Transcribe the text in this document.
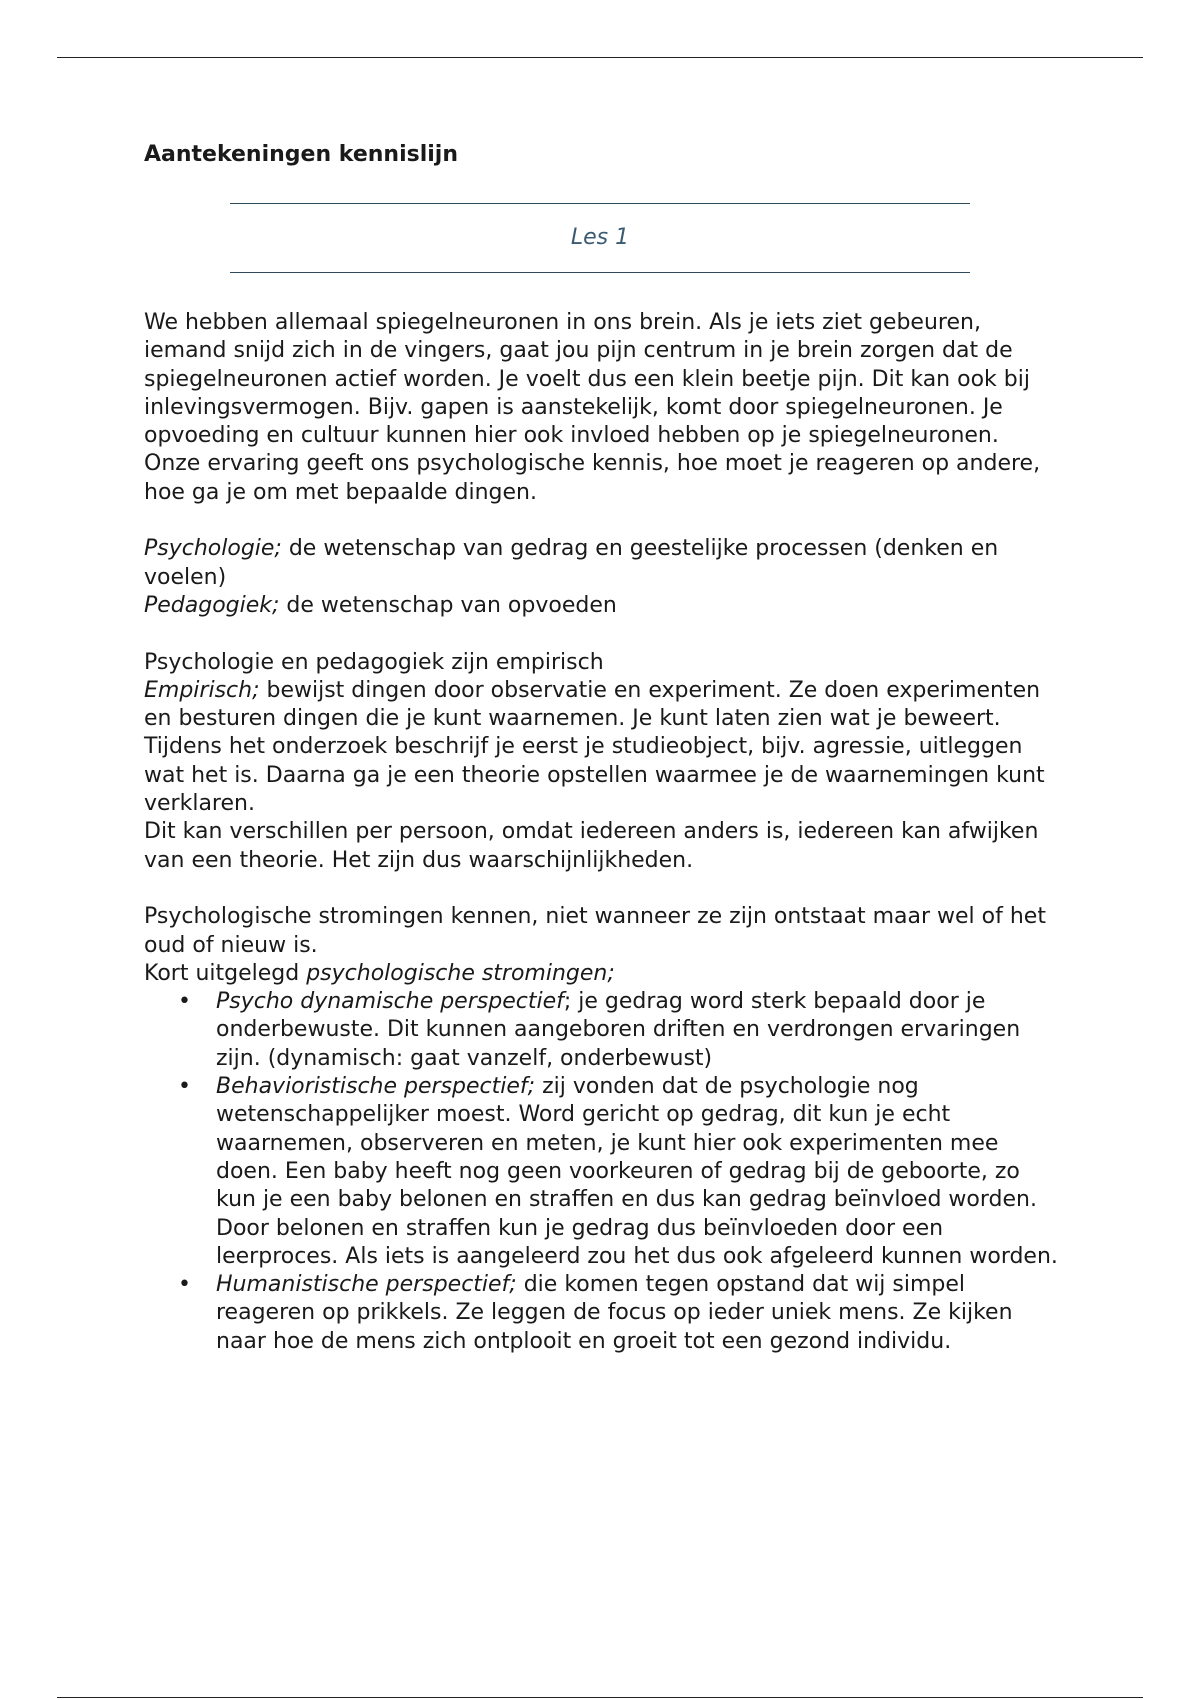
Aantekeningen kennislijn
Les 1

We hebben allemaal spiegelneuronen in ons brein. Als je iets ziet gebeuren, iemand snijd zich in de vingers, gaat jou pijn centrum in je brein zorgen dat de spiegelneuronen actief worden. Je voelt dus een klein beetje pijn. Dit kan ook bij inlevingsvermogen. Bijv. gapen is aanstekelijk, komt door spiegelneuronen. Je opvoeding en cultuur kunnen hier ook invloed hebben op je spiegelneuronen.

Onze ervaring geeft ons psychologische kennis, hoe moet je reageren op andere, hoe ga je om met bepaalde dingen.

Psychologie; de wetenschap van gedrag en geestelijke processen (denken en voelen)

Pedagogiek; de wetenschap van opvoeden

Psychologie en pedagogiek zijn empirisch

Empirisch; bewijst dingen door observatie en experiment. Ze doen experimenten en besturen dingen die je kunt waarnemen. Je kunt laten zien wat je beweert.

Tijdens het onderzoek beschrijf je eerst je studieobject, bijv. agressie, uitleggen wat het is. Daarna ga je een theorie opstellen waarmee je de waarnemingen kunt verklaren.

Dit kan verschillen per persoon, omdat iedereen anders is, iedereen kan afwijken van een theorie. Het zijn dus waarschijnlijkheden.

Psychologische stromingen kennen, niet wanneer ze zijn ontstaat maar wel of het oud of nieuw is.

Kort uitgelegd psychologische stromingen;

• Psycho dynamische perspectief; je gedrag word sterk bepaald door je onderbewuste. Dit kunnen aangeboren driften en verdrongen ervaringen zijn. (dynamisch: gaat vanzelf, onderbewust)
• Behavioristische perspectief; zij vonden dat de psychologie nog wetenschappelijker moest. Word gericht op gedrag, dit kun je echt waarnemen, observeren en meten, je kunt hier ook experimenten mee doen. Een baby heeft nog geen voorkeuren of gedrag bij de geboorte, zo kun je een baby belonen en straffen en dus kan gedrag beïnvloed worden. Door belonen en straffen kun je gedrag dus beïnvloeden door een leerproces. Als iets is aangeleerd zou het dus ook afgeleerd kunnen worden.
• Humanistische perspectief; die komen tegen opstand dat wij simpel reageren op prikkels. Ze leggen de focus op ieder uniek mens. Ze kijken naar hoe de mens zich ontplooit en groeit tot een gezond individu.
